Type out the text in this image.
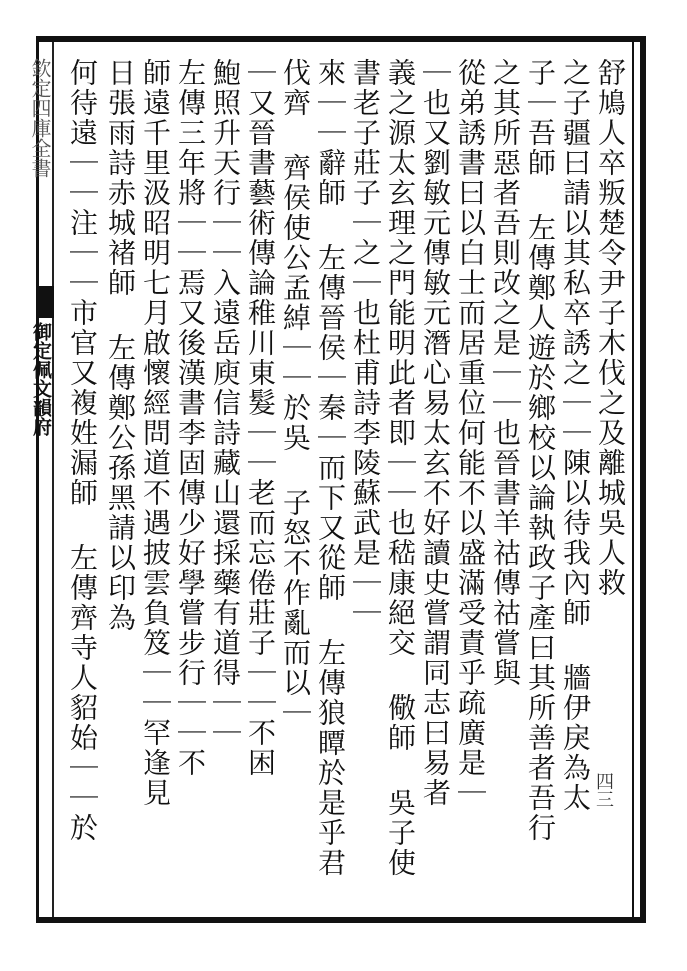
欽定四庫全書
御定佩文韻府
四三
舒鳩人卒叛楚令尹子木伐之及離城吳人救
之子疆曰請以其私卒誘之｜｜陳以待我內師 牆伊戾為太
子｜吾師 左傳鄭人遊於鄉校以論執政子產曰其所善者吾行
之其所惡者吾則改之是｜｜也晉書羊祜傳祜嘗與
從弟誘書曰以白士而居重位何能不以盛滿受責乎疏廣是｜
｜也又劉敏元傳敏元潛心易太玄不好讀史嘗謂同志曰易者
義之源太玄理之門能明此者即｜｜也嵇康絕交 儆師 吳子使
書老子莊子｜之｜也杜甫詩李陵蘇武是｜｜
來｜｜辭師 左傳晉侯｜秦｜而下又從師 左傳狼瞫於是乎君
伐齊 齊侯使公孟綽｜｜於吳 子怒不作亂而以｜
｜又晉書藝術傳論稚川東髮｜｜老而忘倦莊子｜｜不困
鮑照升天行｜｜入遠岳庾信詩藏山還採藥有道得｜｜
左傳三年將｜｜焉又後漢書李固傳少好學嘗步行｜｜不
師遠千里汲昭明七月啟懷經問道不遇披雲負笈｜｜罕逢見
日張雨詩赤城褚師 左傳鄭公孫黑請以印為
何待遠｜｜注｜｜市官又複姓漏師 左傳齊寺人貂始｜｜於
